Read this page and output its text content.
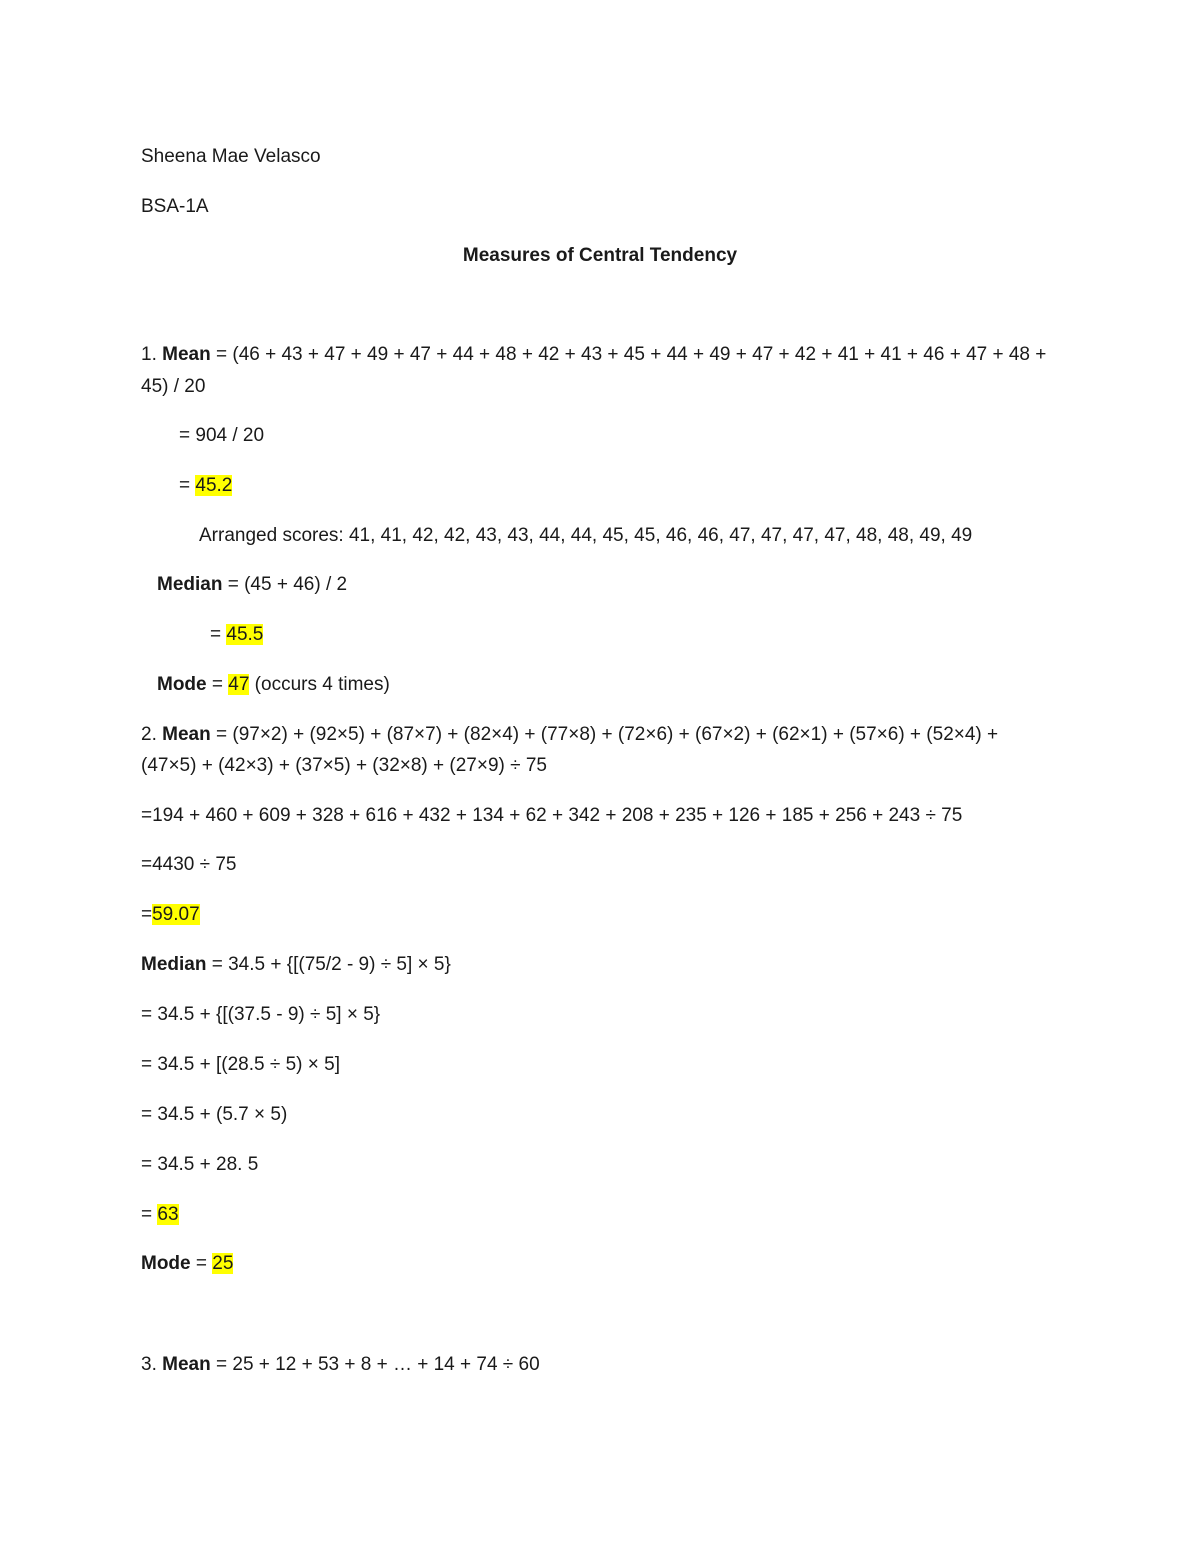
Sheena Mae Velasco
BSA-1A
Measures of Central Tendency
1. Mean = (46 + 43 + 47 + 49 + 47 + 44 + 48 + 42 + 43 + 45 + 44 + 49 + 47 + 42 + 41 + 41 + 46 + 47 + 48 +
45) / 20
= 904 / 20
= 45.2
Arranged scores: 41, 41, 42, 42, 43, 43, 44, 44, 45, 45, 46, 46, 47, 47, 47, 47, 48, 48, 49, 49
Median = (45 + 46) / 2
= 45.5
Mode = 47 (occurs 4 times)
2. Mean = (97×2) + (92×5) + (87×7) + (82×4) + (77×8) + (72×6) + (67×2) + (62×1) + (57×6) + (52×4) +
(47×5) + (42×3) + (37×5) + (32×8) + (27×9) ÷ 75
=194 + 460 + 609 + 328 + 616 + 432 + 134 + 62 + 342 + 208 + 235 + 126 + 185 + 256 + 243 ÷ 75
=4430 ÷ 75
=59.07
Median = 34.5 + {[(75/2 - 9) ÷ 5] × 5}
= 34.5 + {[(37.5 - 9) ÷ 5] × 5}
= 34.5 + [(28.5 ÷ 5) × 5]
= 34.5 + (5.7 × 5)
= 34.5 + 28. 5
= 63
Mode = 25
3. Mean = 25 + 12 + 53 + 8 + … + 14 + 74 ÷ 60
